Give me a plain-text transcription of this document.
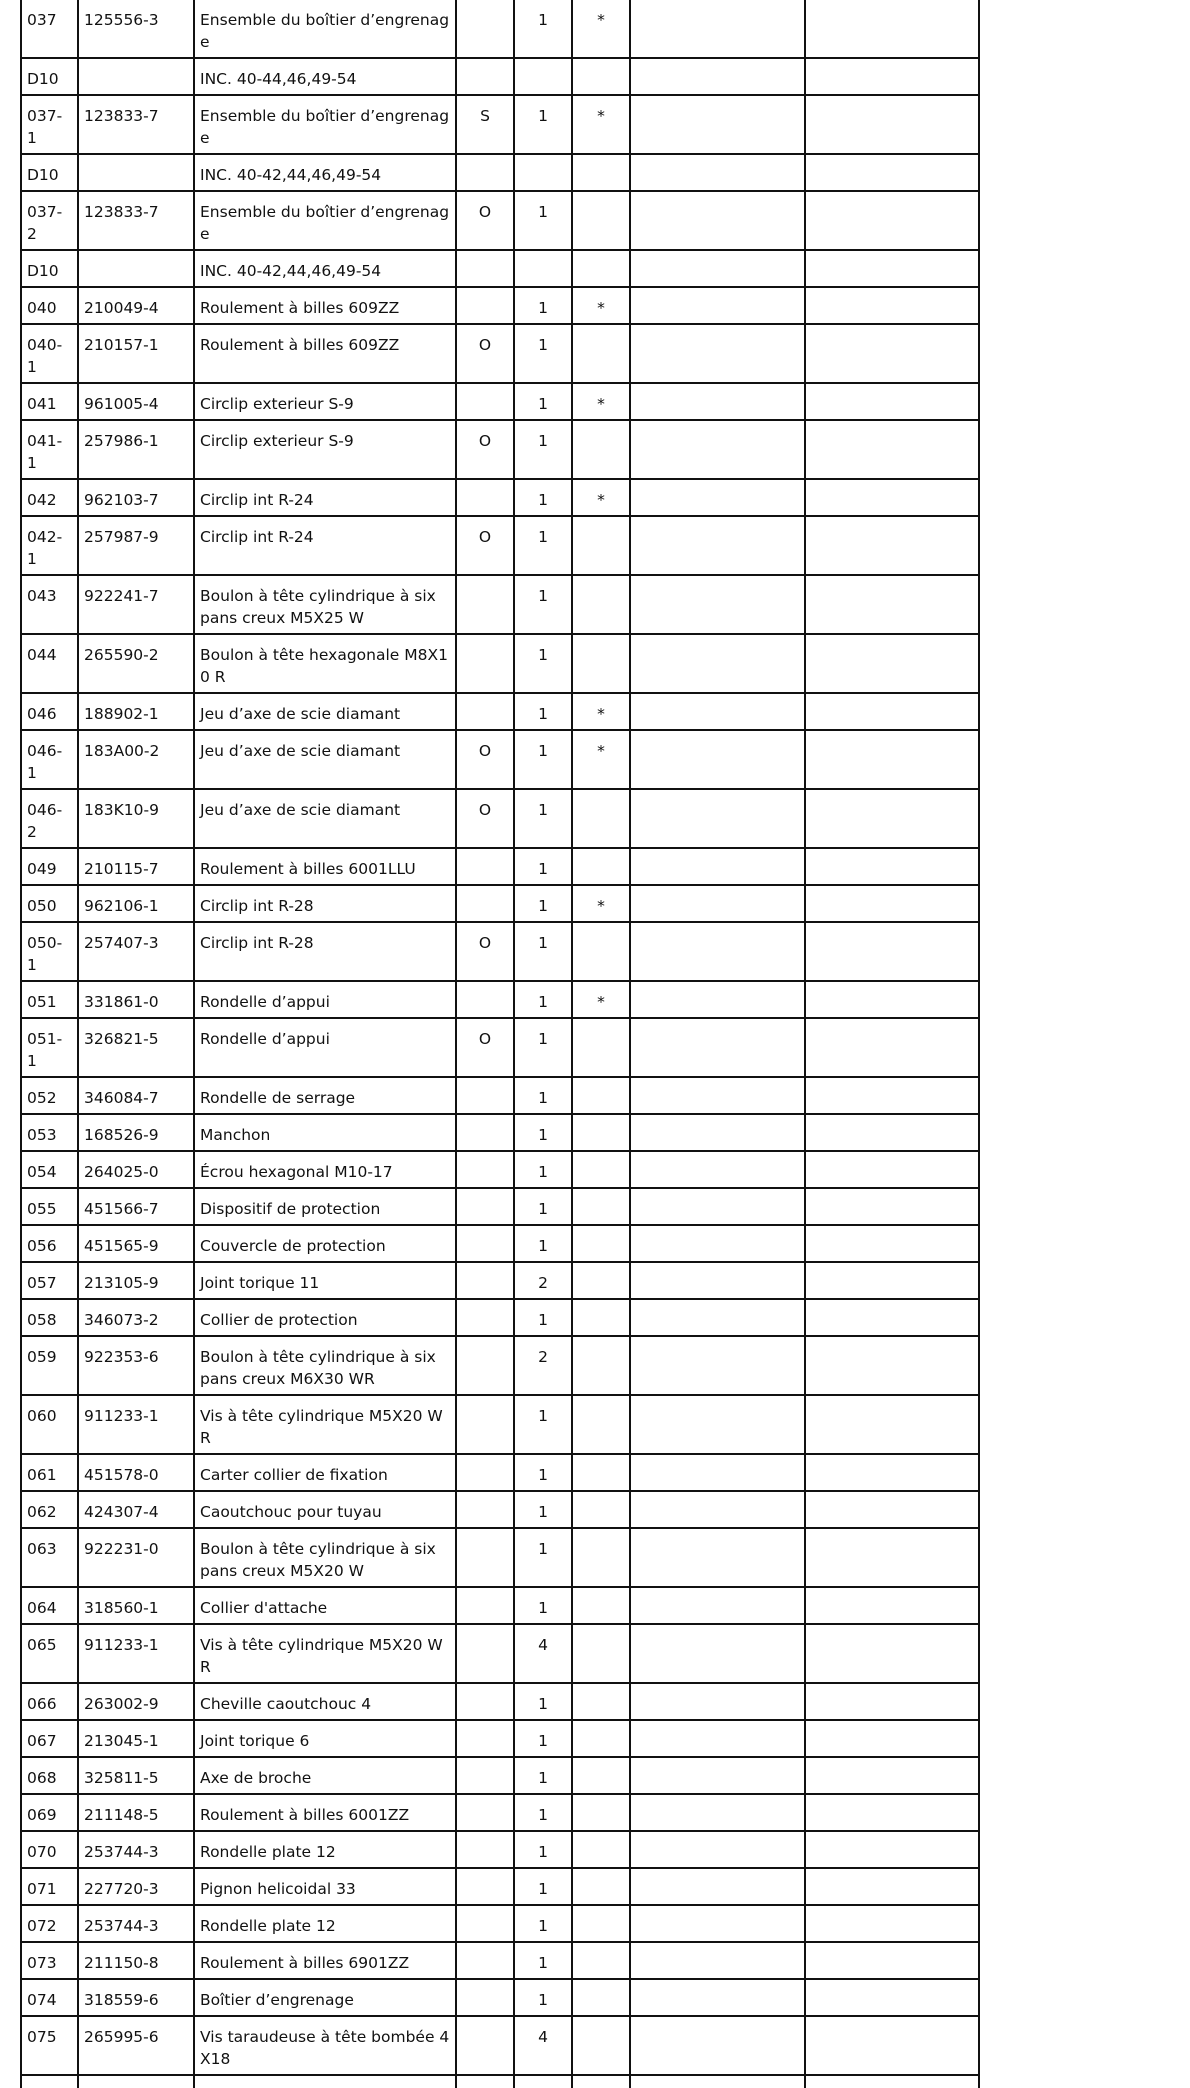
037	125556-3	Ensemble du boîtier d’engrenage		1	*		
D10		INC. 40-44,46,49-54					
037-1	123833-7	Ensemble du boîtier d’engrenage	S	1	*		
D10		INC. 40-42,44,46,49-54					
037-2	123833-7	Ensemble du boîtier d’engrenage	O	1			
D10		INC. 40-42,44,46,49-54					
040	210049-4	Roulement à billes 609ZZ		1	*		
040-1	210157-1	Roulement à billes 609ZZ	O	1			
041	961005-4	Circlip exterieur S-9		1	*		
041-1	257986-1	Circlip exterieur S-9	O	1			
042	962103-7	Circlip int R-24		1	*		
042-1	257987-9	Circlip int R-24	O	1			
043	922241-7	Boulon à tête cylindrique à six pans creux M5X25 W		1			
044	265590-2	Boulon à tête hexagonale M8X10 R		1			
046	188902-1	Jeu d’axe de scie diamant		1	*		
046-1	183A00-2	Jeu d’axe de scie diamant	O	1	*		
046-2	183K10-9	Jeu d’axe de scie diamant	O	1			
049	210115-7	Roulement à billes 6001LLU		1			
050	962106-1	Circlip int R-28		1	*		
050-1	257407-3	Circlip int R-28	O	1			
051	331861-0	Rondelle d’appui		1	*		
051-1	326821-5	Rondelle d’appui	O	1			
052	346084-7	Rondelle de serrage		1			
053	168526-9	Manchon		1			
054	264025-0	Écrou hexagonal M10-17		1			
055	451566-7	Dispositif de protection		1			
056	451565-9	Couvercle de protection		1			
057	213105-9	Joint torique 11		2			
058	346073-2	Collier de protection		1			
059	922353-6	Boulon à tête cylindrique à six pans creux M6X30 WR		2			
060	911233-1	Vis à tête cylindrique M5X20 WR		1			
061	451578-0	Carter collier de fixation		1			
062	424307-4	Caoutchouc pour tuyau		1			
063	922231-0	Boulon à tête cylindrique à six pans creux M5X20 W		1			
064	318560-1	Collier d'attache		1			
065	911233-1	Vis à tête cylindrique M5X20 WR		4			
066	263002-9	Cheville caoutchouc 4		1			
067	213045-1	Joint torique 6		1			
068	325811-5	Axe de broche		1			
069	211148-5	Roulement à billes 6001ZZ		1			
070	253744-3	Rondelle plate 12		1			
071	227720-3	Pignon helicoidal 33		1			
072	253744-3	Rondelle plate 12		1			
073	211150-8	Roulement à billes 6901ZZ		1			
074	318559-6	Boîtier d’engrenage		1			
075	265995-6	Vis taraudeuse à tête bombée 4X18		4			
